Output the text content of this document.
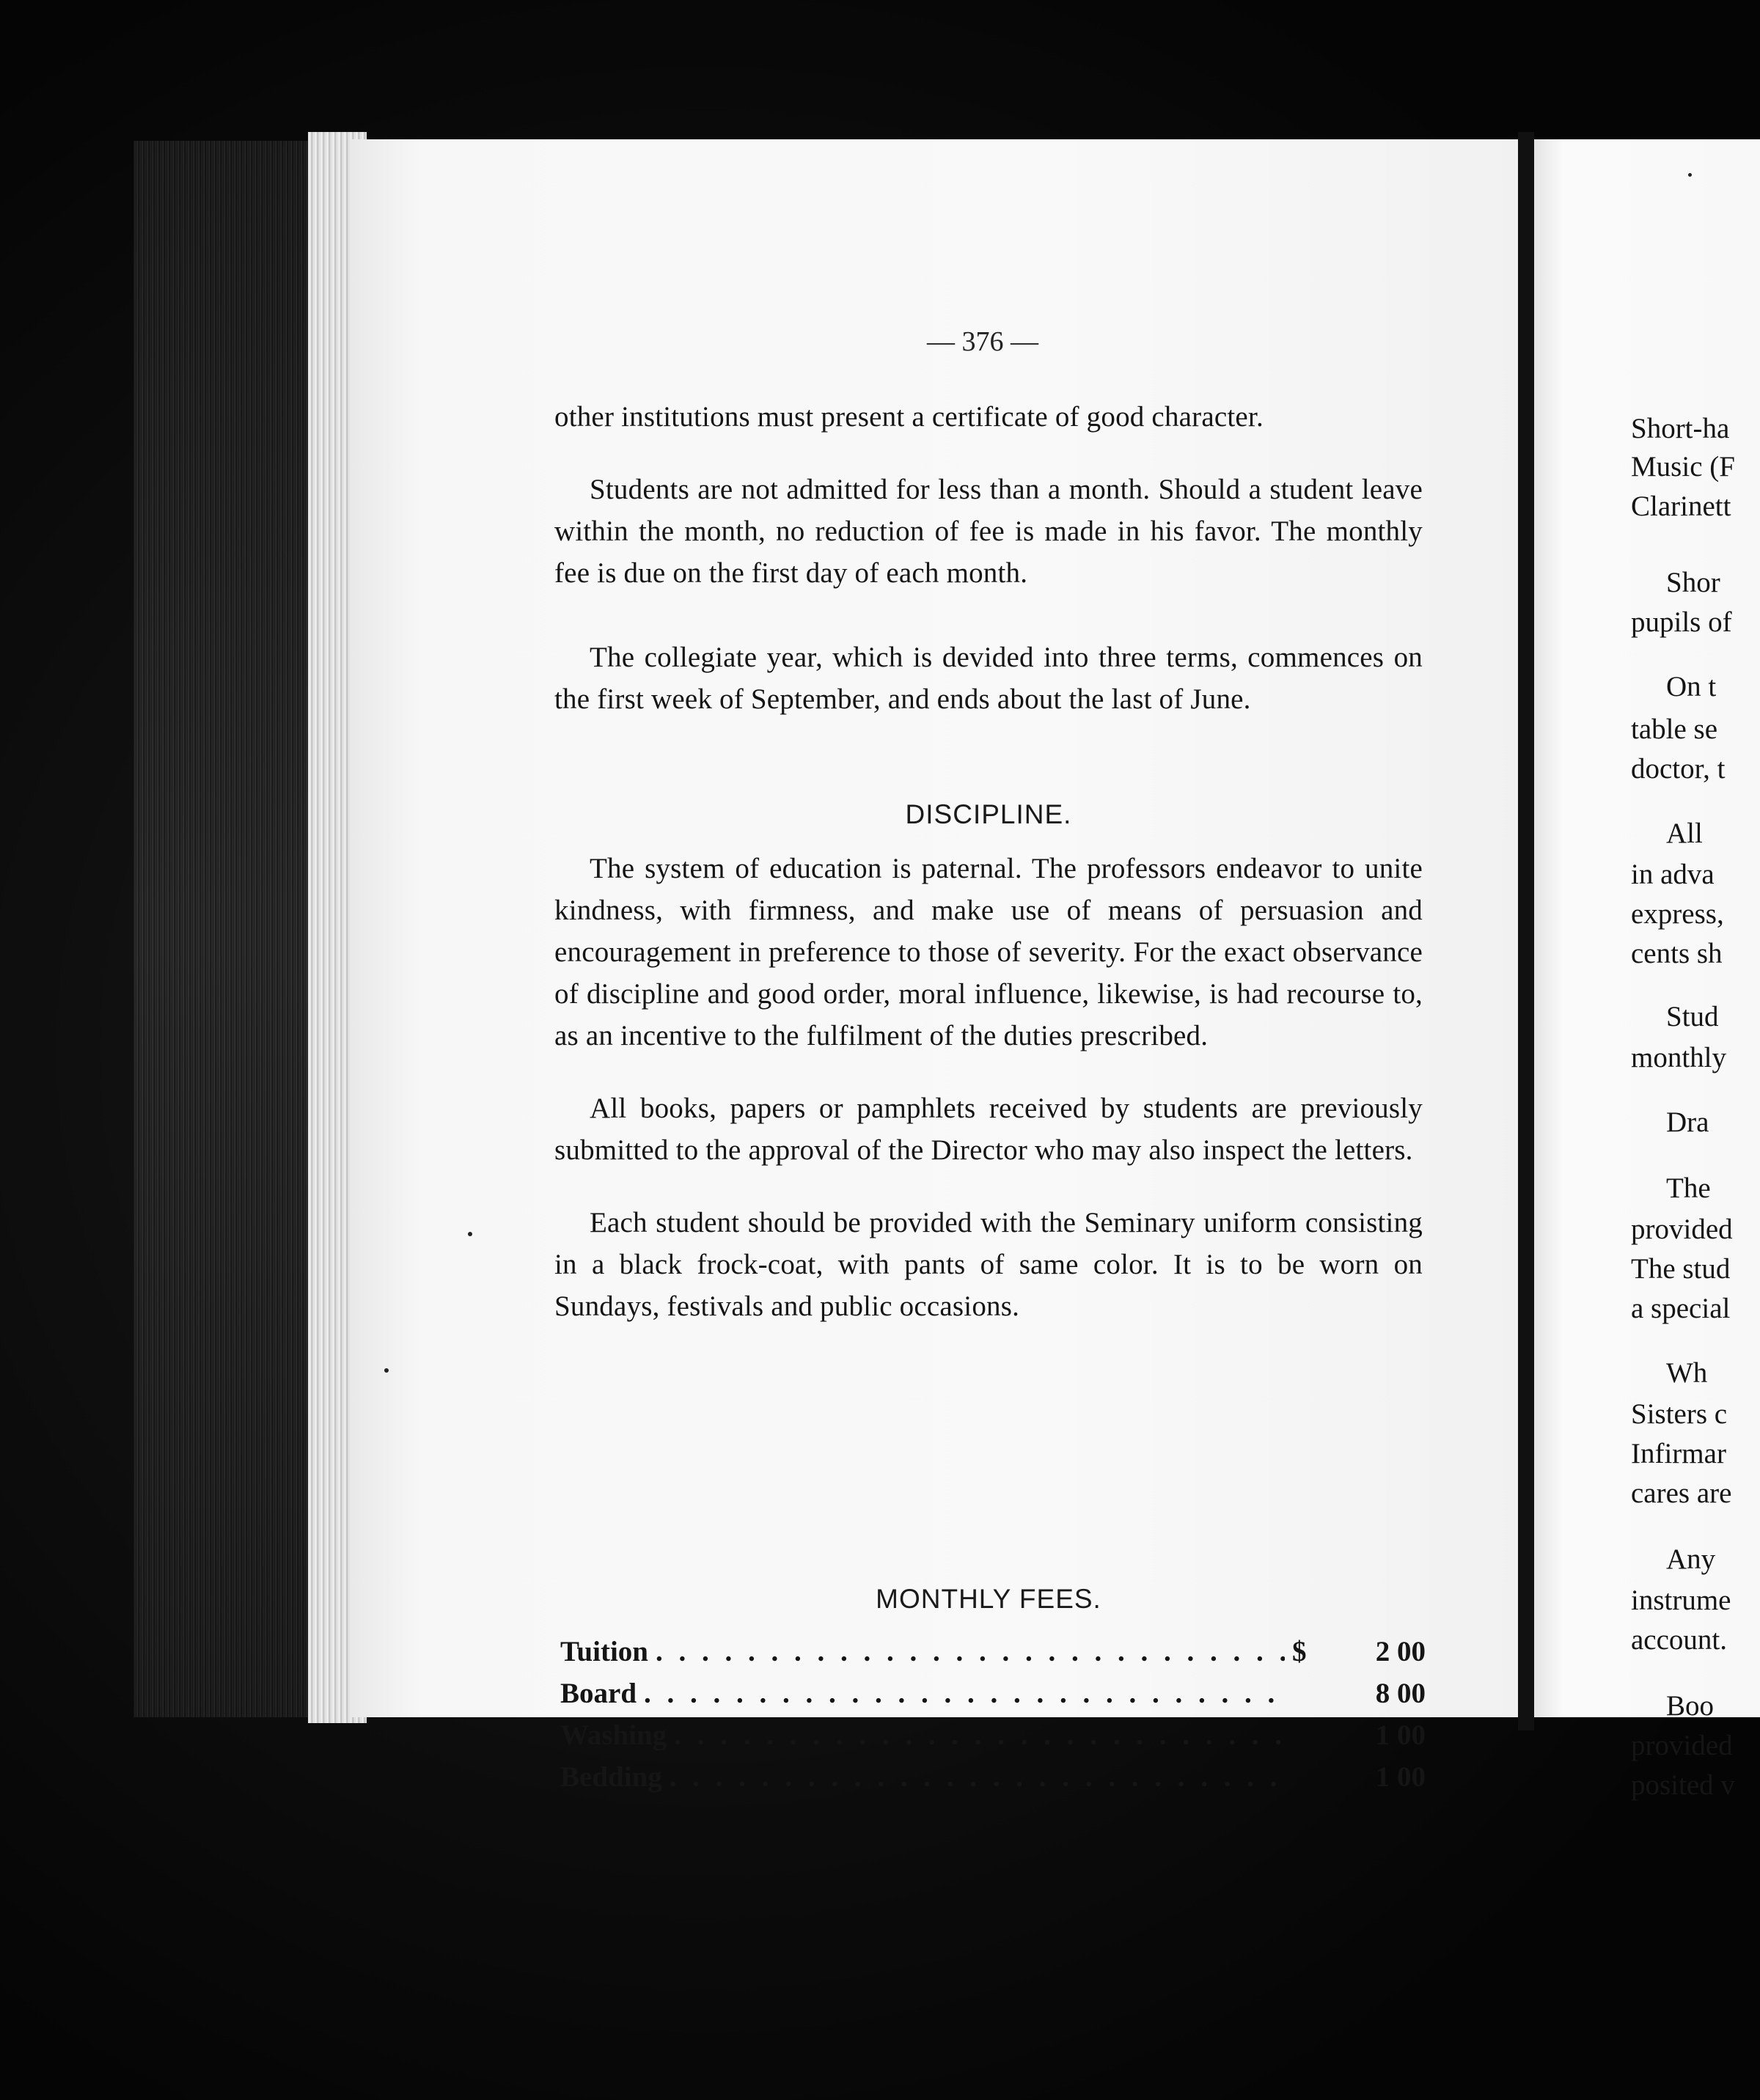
— 376 —

other institutions must present a certificate of good character.

Students are not admitted for less than a month. Should a student leave within the month, no reduction of fee is made in his favor. The monthly fee is due on the first day of each month.

The collegiate year, which is devided into three terms, commences on the first week of September, and ends about the last of June.

DISCIPLINE.

The system of education is paternal. The professors endeavor to unite kindness, with firmness, and make use of means of persuasion and encouragement in preference to those of severity. For the exact observance of discipline and good order, moral influence, likewise, is had recourse to, as an incentive to the fulfilment of the duties prescribed.

All books, papers or pamphlets received by students are previously submitted to the approval of the Director who may also inspect the letters.

Each student should be provided with the Seminary uniform consisting in a black frock-coat, with pants of same color. It is to be worn on Sundays, festivals and public occasions.

MONTHLY FEES.
Tuition . . .	$	2 00
Board . . .	8 00
Washing . . .	1 00
Bedding . . .	1 00
Short-ha
Music (F
Clarinett
Shor
pupils of
On t
table se
doctor, t
All
in adva
express,
cents sh
Stud
monthly
Dra
The
provided
The stud
a special
Wh
Sisters c
Infirmar
cares are
Any
instrume
account.
Boo
provided
posited v
